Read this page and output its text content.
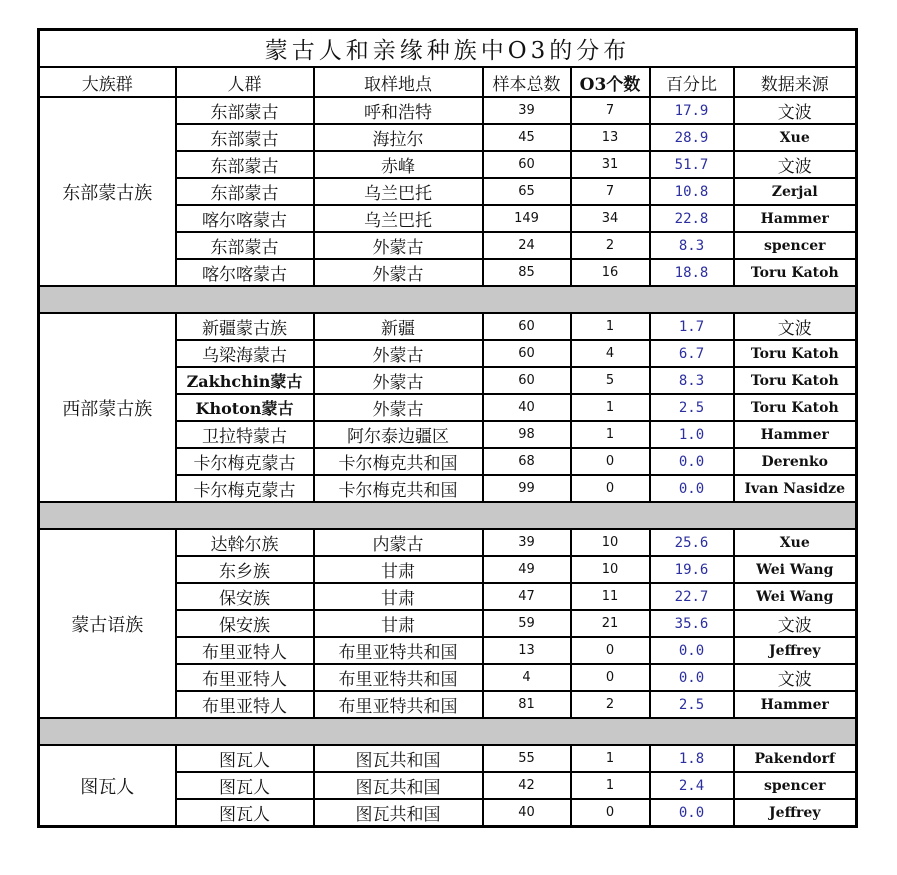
蒙古人和亲缘种族中O3的分布						
大族群	人群	取样地点	样本总数	O3个数	百分比	数据来源
东部蒙古族	东部蒙古	呼和浩特	39	7	17.9	文波
	东部蒙古	海拉尔	45	13	28.9	Xue
	东部蒙古	赤峰	60	31	51.7	文波
	东部蒙古	乌兰巴托	65	7	10.8	Zerjal
	喀尔喀蒙古	乌兰巴托	149	34	22.8	Hammer
	东部蒙古	外蒙古	24	2	8.3	spencer
	喀尔喀蒙古	外蒙古	85	16	18.8	Toru Katoh

西部蒙古族	新疆蒙古族	新疆	60	1	1.7	文波
	乌梁海蒙古	外蒙古	60	4	6.7	Toru Katoh
	Zakhchin蒙古	外蒙古	60	5	8.3	Toru Katoh
	Khoton蒙古	外蒙古	40	1	2.5	Toru Katoh
	卫拉特蒙古	阿尔泰边疆区	98	1	1.0	Hammer
	卡尔梅克蒙古	卡尔梅克共和国	68	0	0.0	Derenko
	卡尔梅克蒙古	卡尔梅克共和国	99	0	0.0	Ivan Nasidze

蒙古语族	达斡尔族	内蒙古	39	10	25.6	Xue
	东乡族	甘肃	49	10	19.6	Wei Wang
	保安族	甘肃	47	11	22.7	Wei Wang
	保安族	甘肃	59	21	35.6	文波
	布里亚特人	布里亚特共和国	13	0	0.0	Jeffrey
	布里亚特人	布里亚特共和国	4	0	0.0	文波
	布里亚特人	布里亚特共和国	81	2	2.5	Hammer

图瓦人	图瓦人	图瓦共和国	55	1	1.8	Pakendorf
	图瓦人	图瓦共和国	42	1	2.4	spencer
	图瓦人	图瓦共和国	40	0	0.0	Jeffrey
